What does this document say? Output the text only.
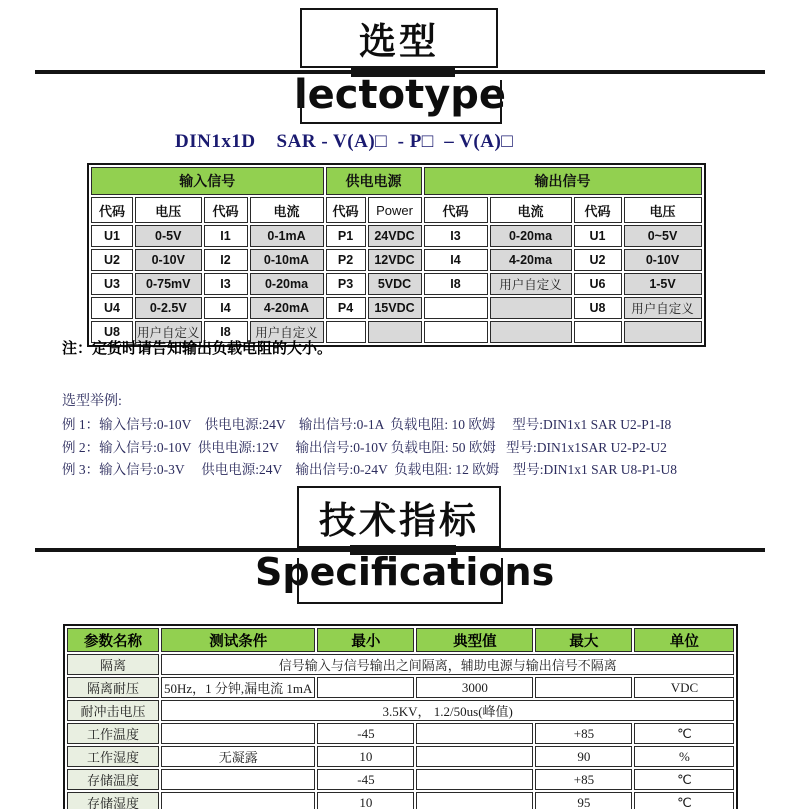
选型
lectotype
DIN1x1D    SAR - V(A)□  - P□  – V(A)□
输入信号				供电电源		输出信号			
代码	电压	代码	电流	代码	Power	代码	电流	代码	电压
U1	0-5V	I1	0-1mA	P1	24VDC	I3	0-20ma	U1	0~5V
U2	0-10V	I2	0-10mA	P2	12VDC	I4	4-20ma	U2	0-10V
U3	0-75mV	I3	0-20ma	P3	5VDC	I8	用户自定义	U6	1-5V
U4	0-2.5V	I4	4-20mA	P4	15VDC			U8	用户自定义
U8	用户自定义	I8	用户自定义						
注：定货时请告知输出负载电阻的大小。
选型举例:
例 1：输入信号:0-10V    供电电源:24V    输出信号:0-1A  负载电阻: 10 欧姆     型号:DIN1x1 SAR U2-P1-I8
例 2：输入信号:0-10V  供电电源:12V     输出信号:0-10V 负载电阻: 50 欧姆   型号:DIN1x1SAR U2-P2-U2
例 3：输入信号:0-3V     供电电源:24V    输出信号:0-24V  负载电阻: 12 欧姆    型号:DIN1x1 SAR U8-P1-U8
技术指标
Specifications
参数名称	测试条件	最小	典型值	最大	单位
隔离	信号输入与信号输出之间隔离，辅助电源与输出信号不隔离				
隔离耐压	50Hz，1 分钟,漏电流 1mA		3000		VDC
耐冲击电压	3.5KV， 1.2/50us(峰值)				
工作温度		-45		+85	℃
工作湿度	无凝露	10		90	%
存储温度		-45		+85	℃
存储湿度		10		95	℃
